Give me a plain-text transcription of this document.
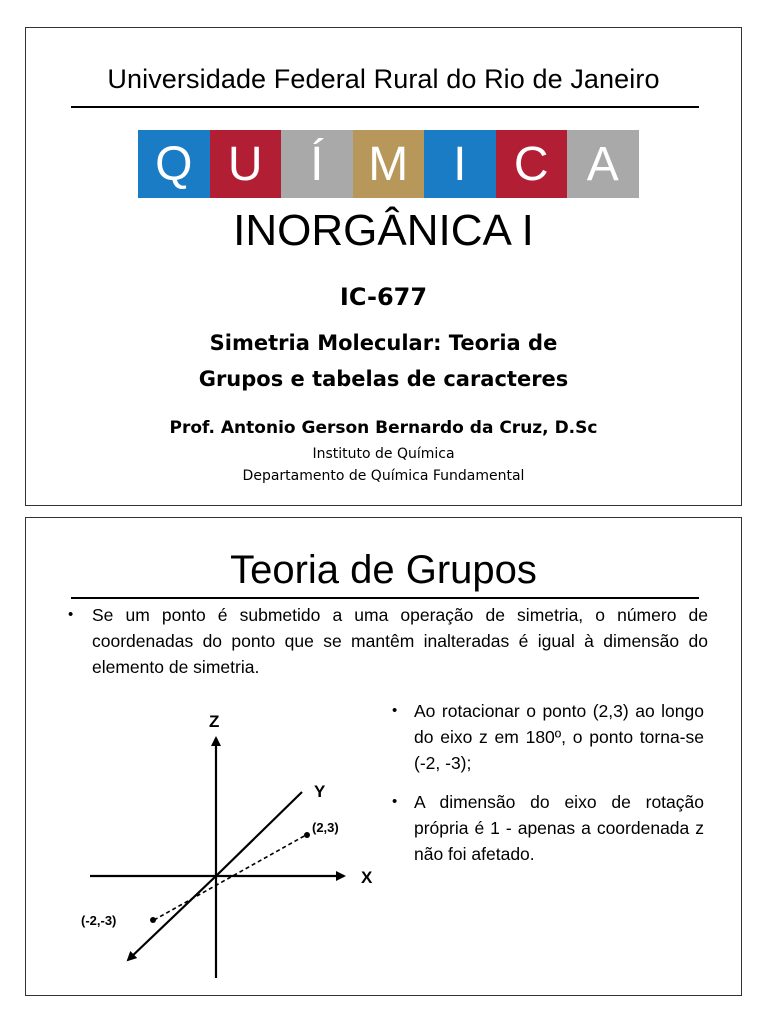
Universidade Federal Rural do Rio de Janeiro
Q U Í M I C A
INORGÂNICA I
IC-677
Simetria Molecular: Teoria de
Grupos e tabelas de caracteres
Prof. Antonio Gerson Bernardo da Cruz, D.Sc
Instituto de Química
Departamento de Química Fundamental
Teoria de Grupos
•	Se um ponto é submetido a uma operação de simetria, o número de coordenadas do ponto que se mantêm inalteradas é igual à dimensão do elemento de simetria.
Z
Y
X
(2,3)
(-2,-3)
• Ao rotacionar o ponto (2,3) ao longo do eixo z em 180º, o ponto torna-se (-2, -3);
• A dimensão do eixo de rotação própria é 1 - apenas a coordenada z não foi afetado.
